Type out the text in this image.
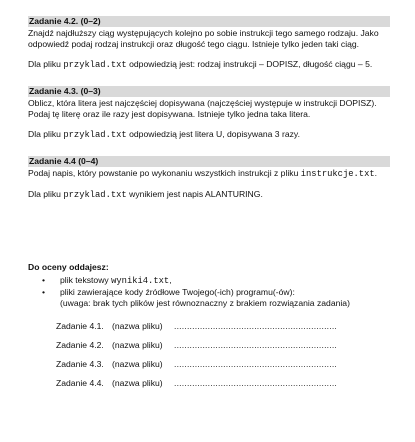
Zadanie 4.2. (0–2)
Znajdź najdłuższy ciąg występujących kolejno po sobie instrukcji tego samego rodzaju. Jako odpowiedź podaj rodzaj instrukcji oraz długość tego ciągu. Istnieje tylko jeden taki ciąg.
Dla pliku przyklad.txt odpowiedzią jest: rodzaj instrukcji – DOPISZ, długość ciągu – 5.
Zadanie 4.3. (0–3)
Oblicz, która litera jest najczęściej dopisywana (najczęściej występuje w instrukcji DOPISZ). Podaj tę literę oraz ile razy jest dopisywana. Istnieje tylko jedna taka litera.
Dla pliku przyklad.txt odpowiedzią jest litera U, dopisywana 3 razy.
Zadanie 4.4 (0–4)
Podaj napis, który powstanie po wykonaniu wszystkich instrukcji z pliku instrukcje.txt.
Dla pliku przyklad.txt wynikiem jest napis ALANTURING.
Do oceny oddajesz:
• plik tekstowy wyniki4.txt,
• pliki zawierające kody źródłowe Twojego(-ich) programu(-ów):
(uwaga: brak tych plików jest równoznaczny z brakiem rozwiązania zadania)
Zadanie 4.1. (nazwa pliku) ...............................................................
Zadanie 4.2. (nazwa pliku) ...............................................................
Zadanie 4.3. (nazwa pliku) ...............................................................
Zadanie 4.4. (nazwa pliku) ...............................................................
